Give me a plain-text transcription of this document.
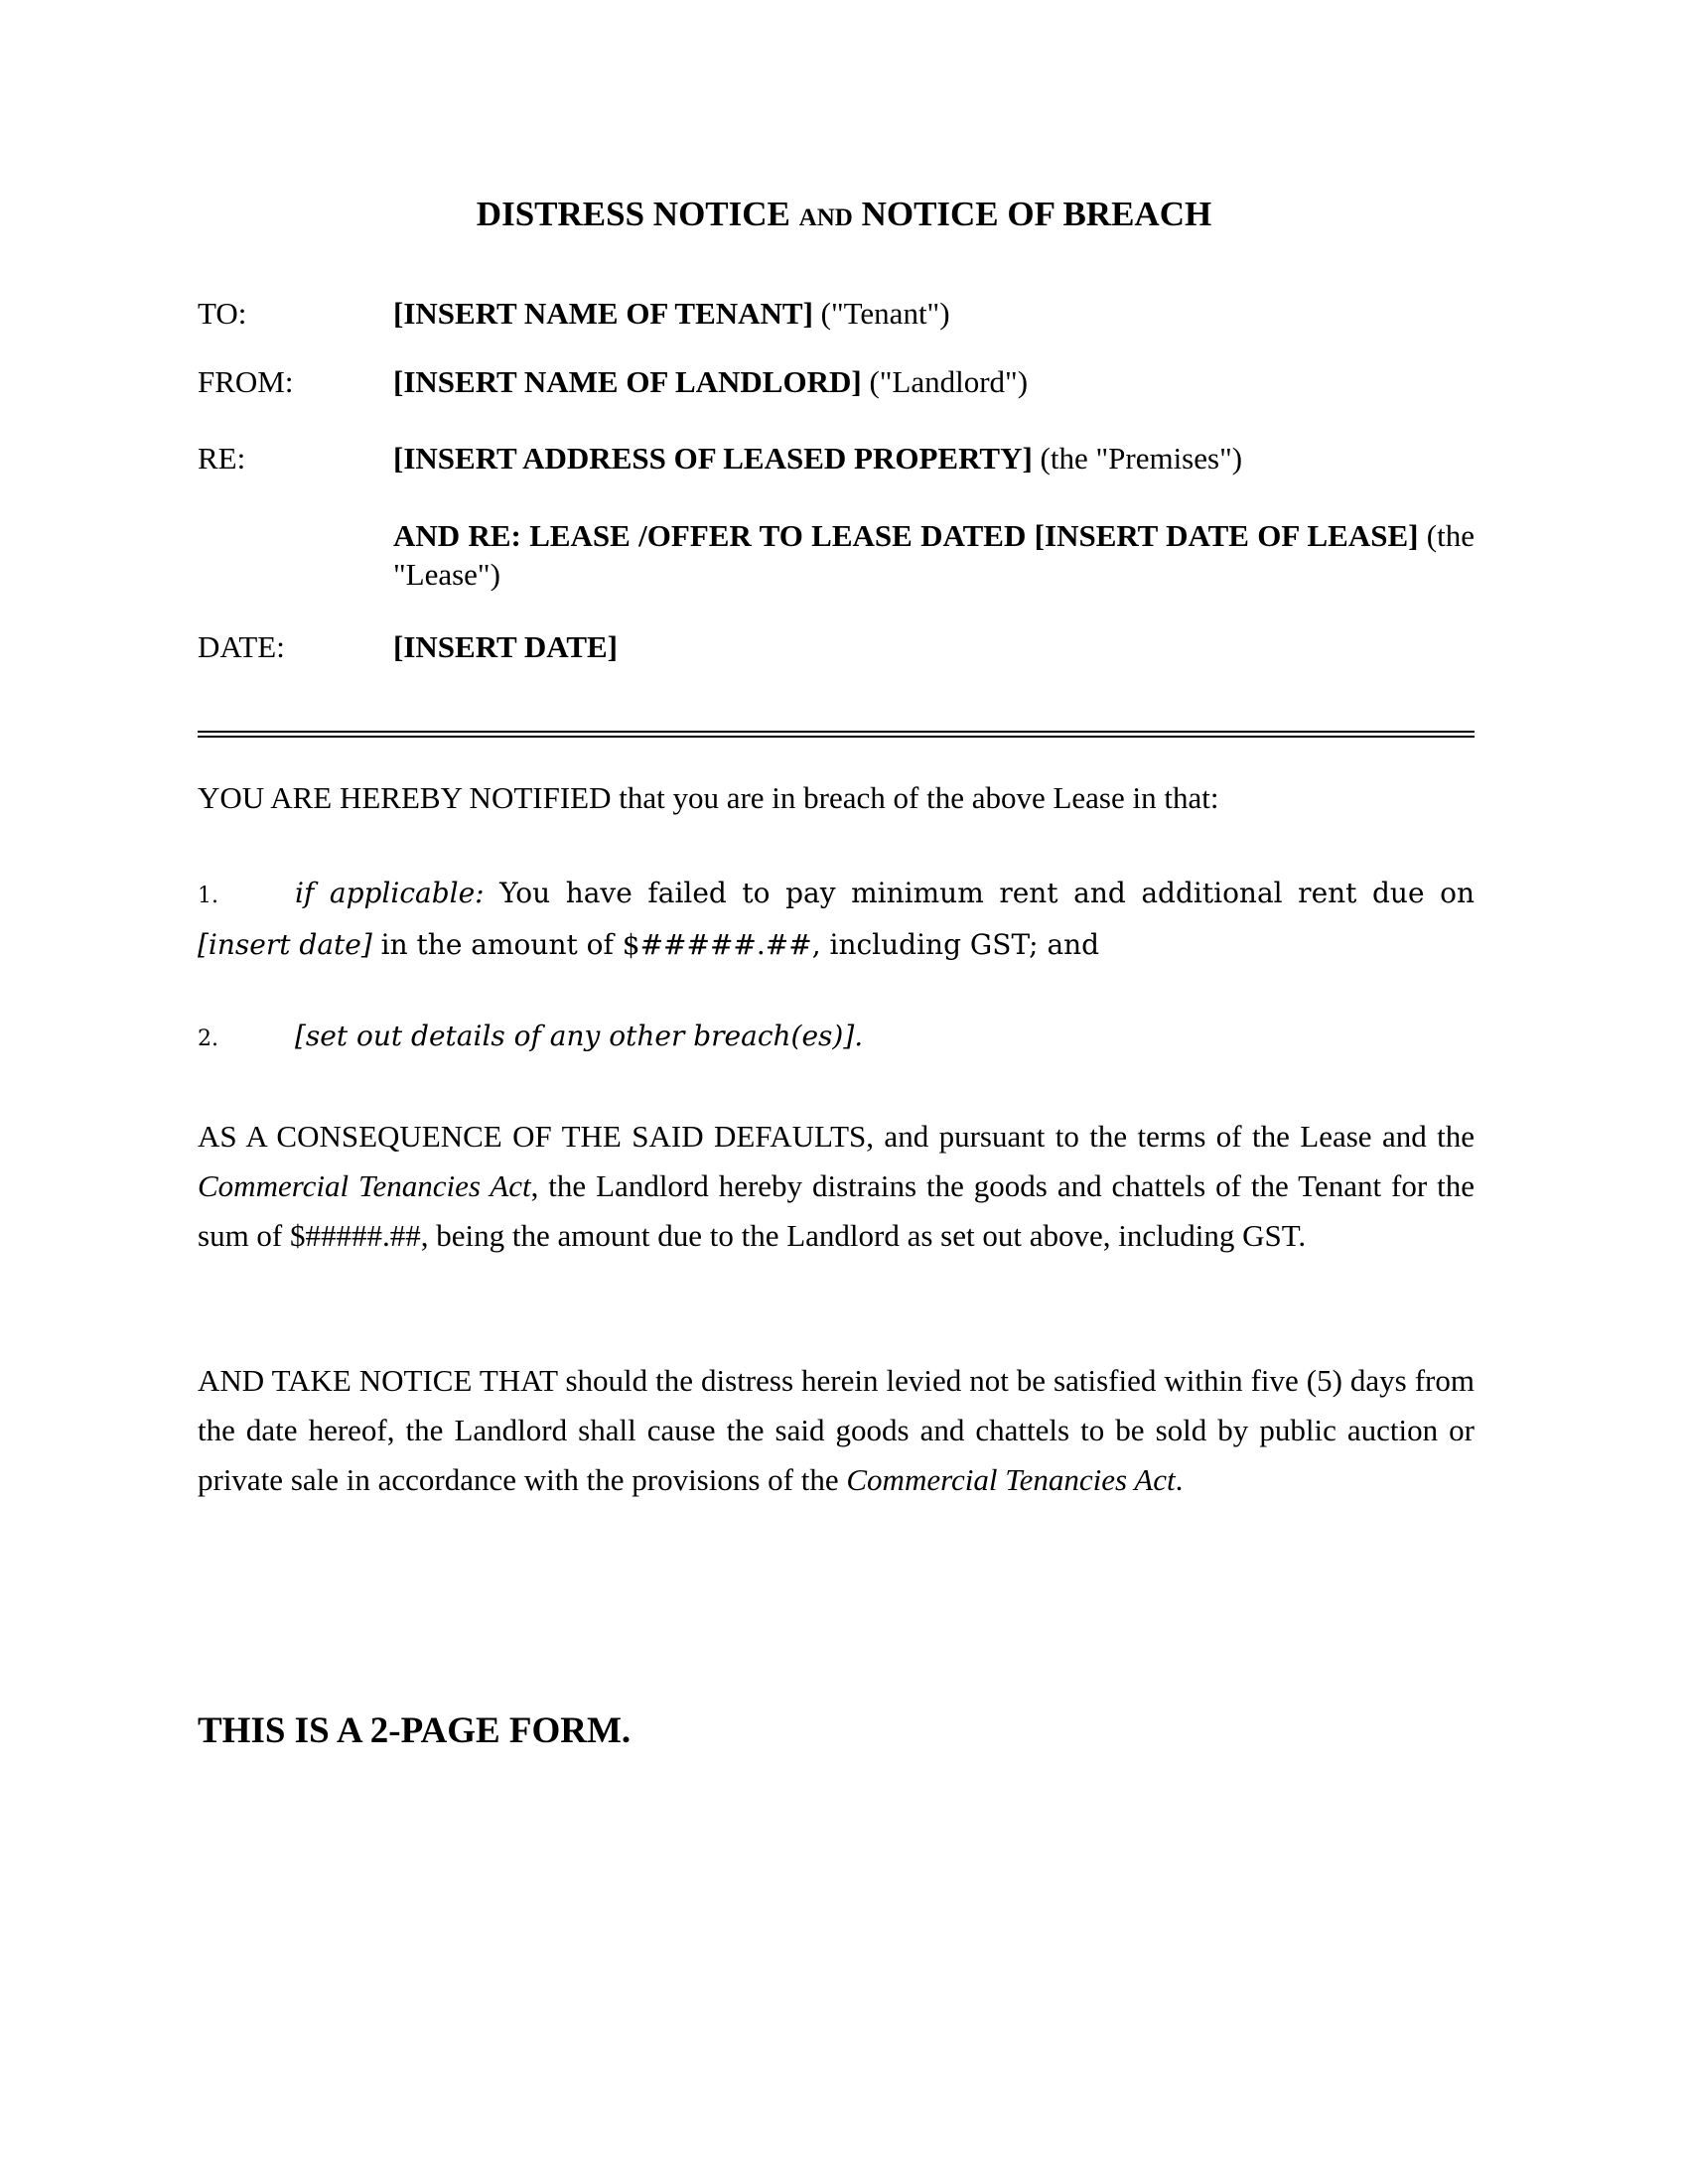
DISTRESS NOTICE AND NOTICE OF BREACH
TO:	[INSERT NAME OF TENANT] ("Tenant")
FROM:	[INSERT NAME OF LANDLORD] ("Landlord")
RE:	[INSERT ADDRESS OF LEASED PROPERTY] (the "Premises")
AND RE: LEASE /OFFER TO LEASE DATED [INSERT DATE OF LEASE] (the "Lease")
DATE:	[INSERT DATE]
YOU ARE HEREBY NOTIFIED that you are in breach of the above Lease in that:
1.	if applicable: You have failed to pay minimum rent and additional rent due on [insert date] in the amount of $#####.##, including GST; and
2.	[set out details of any other breach(es)].
AS A CONSEQUENCE OF THE SAID DEFAULTS, and pursuant to the terms of the Lease and the Commercial Tenancies Act, the Landlord hereby distrains the goods and chattels of the Tenant for the sum of $#####.##, being the amount due to the Landlord as set out above, including GST.
AND TAKE NOTICE THAT should the distress herein levied not be satisfied within five (5) days from the date hereof, the Landlord shall cause the said goods and chattels to be sold by public auction or private sale in accordance with the provisions of the Commercial Tenancies Act.
THIS IS A 2-PAGE FORM.
